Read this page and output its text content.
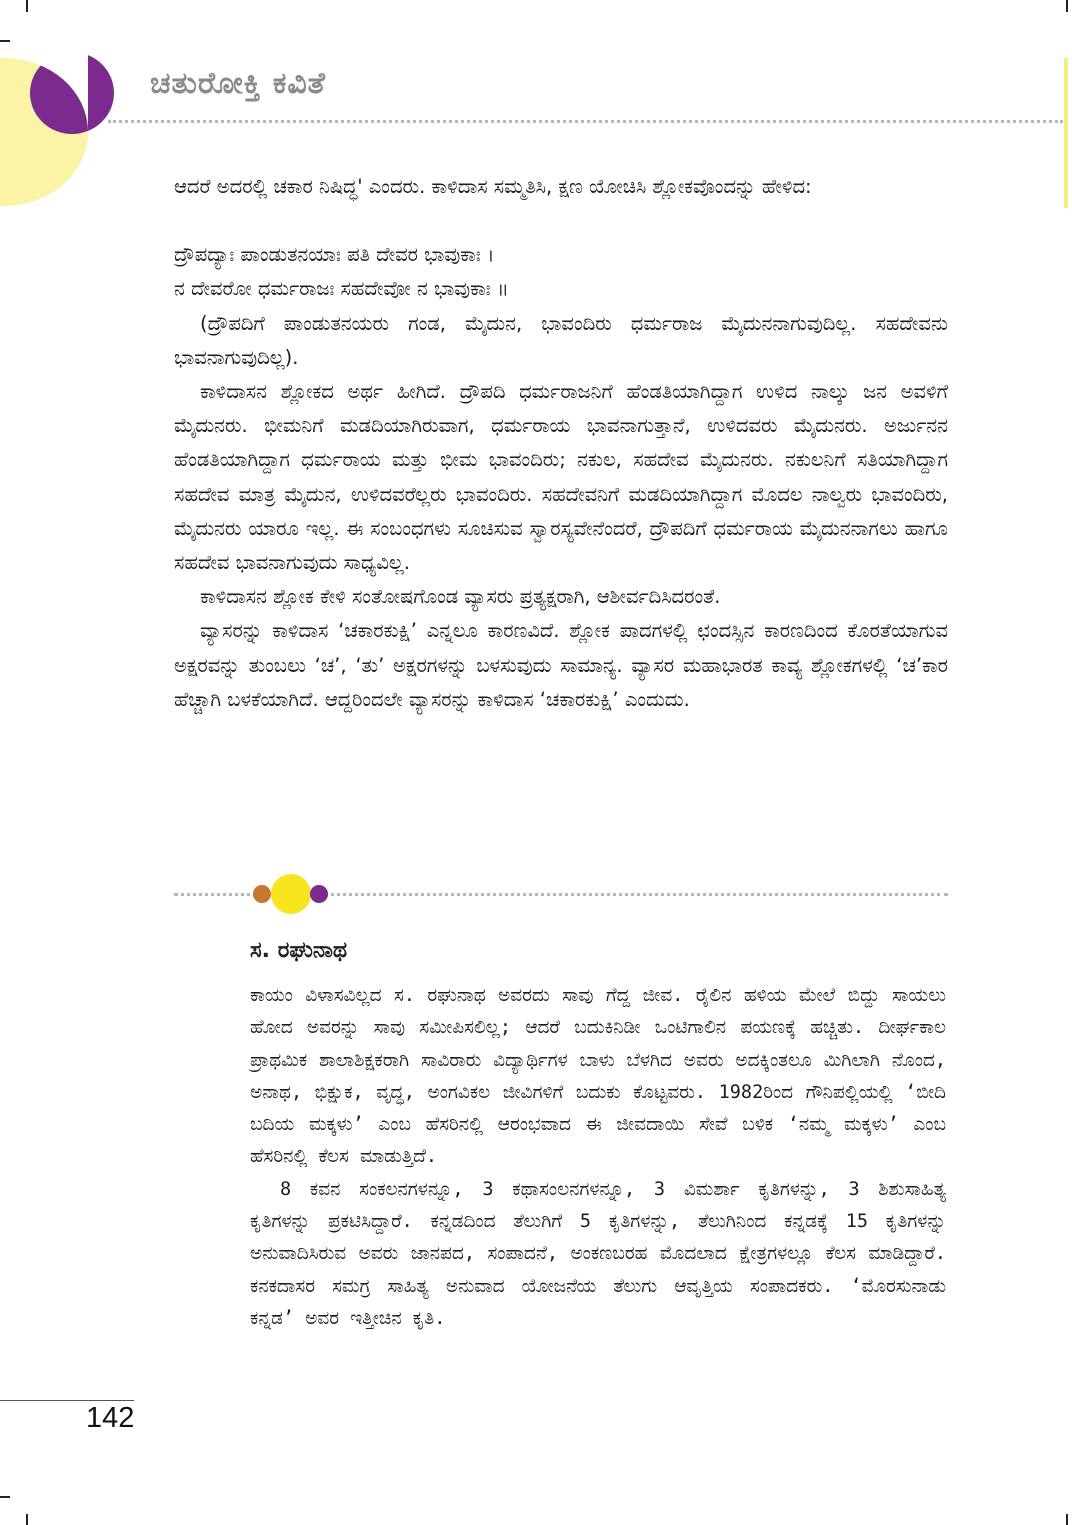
ಚತುರೋಕ್ತಿ ಕವಿತೆ

ಆದರೆ ಅದರಲ್ಲಿ ಚಕಾರ ನಿಷಿದ್ಧ' ಎಂದರು. ಕಾಳಿದಾಸ ಸಮ್ಮತಿಸಿ, ಕ್ಷಣ ಯೋಚಿಸಿ ಶ್ಲೋಕವೊಂದನ್ನು ಹೇಳಿದ:

ದ್ರೌಪದ್ಯಾಃ ಪಾಂಡುತನಯಾಃ ಪತಿ ದೇವರ ಭಾವುಕಾಃ ।

ನ ದೇವರೋ ಧರ್ಮರಾಜಃ ಸಹದೇವೋ ನ ಭಾವುಕಾಃ ॥

(ದ್ರೌಪದಿಗೆ ಪಾಂಡುತನಯರು ಗಂಡ, ಮೈದುನ, ಭಾವಂದಿರು ಧರ್ಮರಾಜ ಮೈದುನನಾಗುವುದಿಲ್ಲ. ಸಹದೇವನು ಭಾವನಾಗುವುದಿಲ್ಲ).

ಕಾಳಿದಾಸನ ಶ್ಲೋಕದ ಅರ್ಥ ಹೀಗಿದೆ. ದ್ರೌಪದಿ ಧರ್ಮರಾಜನಿಗೆ ಹೆಂಡತಿಯಾಗಿದ್ದಾಗ ಉಳಿದ ನಾಲ್ಕು ಜನ ಅವಳಿಗೆ ಮೈದುನರು. ಭೀಮನಿಗೆ ಮಡದಿಯಾಗಿರುವಾಗ, ಧರ್ಮರಾಯ ಭಾವನಾಗುತ್ತಾನೆ, ಉಳಿದವರು ಮೈದುನರು. ಅರ್ಜುನನ ಹೆಂಡತಿಯಾಗಿದ್ದಾಗ ಧರ್ಮರಾಯ ಮತ್ತು ಭೀಮ ಭಾವಂದಿರು; ನಕುಲ, ಸಹದೇವ ಮೈದುನರು. ನಕುಲನಿಗೆ ಸತಿಯಾಗಿದ್ದಾಗ ಸಹದೇವ ಮಾತ್ರ ಮೈದುನ, ಉಳಿದವರೆಲ್ಲರು ಭಾವಂದಿರು. ಸಹದೇವನಿಗೆ ಮಡದಿಯಾಗಿದ್ದಾಗ ಮೊದಲ ನಾಲ್ವರು ಭಾವಂದಿರು, ಮೈದುನರು ಯಾರೂ ಇಲ್ಲ. ಈ ಸಂಬಂಧಗಳು ಸೂಚಿಸುವ ಸ್ವಾರಸ್ಯವೇನೆಂದರೆ, ದ್ರೌಪದಿಗೆ ಧರ್ಮರಾಯ ಮೈದುನನಾಗಲು ಹಾಗೂ ಸಹದೇವ ಭಾವನಾಗುವುದು ಸಾಧ್ಯವಿಲ್ಲ.

ಕಾಳಿದಾಸನ ಶ್ಲೋಕ ಕೇಳಿ ಸಂತೋಷಗೊಂಡ ವ್ಯಾಸರು ಪ್ರತ್ಯಕ್ಷರಾಗಿ, ಆಶೀರ್ವದಿಸಿದರಂತೆ.

ವ್ಯಾಸರನ್ನು ಕಾಳಿದಾಸ ‘ಚಕಾರಕುಕ್ಷಿ’ ಎನ್ನಲೂ ಕಾರಣವಿದೆ. ಶ್ಲೋಕ ಪಾದಗಳಲ್ಲಿ ಛಂದಸ್ಸಿನ ಕಾರಣದಿಂದ ಕೊರತೆಯಾಗುವ ಅಕ್ಷರವನ್ನು ತುಂಬಲು ‘ಚ’, ‘ತು’ ಅಕ್ಷರಗಳನ್ನು ಬಳಸುವುದು ಸಾಮಾನ್ಯ. ವ್ಯಾಸರ ಮಹಾಭಾರತ ಕಾವ್ಯ ಶ್ಲೋಕಗಳಲ್ಲಿ ‘ಚ’ಕಾರ ಹೆಚ್ಚಾಗಿ ಬಳಕೆಯಾಗಿದೆ. ಆದ್ದರಿಂದಲೇ ವ್ಯಾಸರನ್ನು ಕಾಳಿದಾಸ ‘ಚಕಾರಕುಕ್ಷಿ’ ಎಂದುದು.

ಸ. ರಘುನಾಥ

ಕಾಯಂ ವಿಳಾಸವಿಲ್ಲದ ಸ. ರಘುನಾಥ ಅವರದು ಸಾವು ಗೆದ್ದ ಜೀವ. ರೈಲಿನ ಹಳಿಯ ಮೇಲೆ ಬಿದ್ದು ಸಾಯಲು ಹೋದ ಅವರನ್ನು ಸಾವು ಸಮೀಪಿಸಲಿಲ್ಲ; ಆದರೆ ಬದುಕಿನಿಡೀ ಒಂಟಿಗಾಲಿನ ಪಯಣಕ್ಕೆ ಹಚ್ಚಿತು. ದೀರ್ಘಕಾಲ ಪ್ರಾಥಮಿಕ ಶಾಲಾಶಿಕ್ಷಕರಾಗಿ ಸಾವಿರಾರು ವಿದ್ಯಾರ್ಥಿಗಳ ಬಾಳು ಬೆಳಗಿದ ಅವರು ಅದಕ್ಕಿಂತಲೂ ಮಿಗಿಲಾಗಿ ನೊಂದ, ಅನಾಥ, ಭಿಕ್ಷುಕ, ವೃದ್ಧ, ಅಂಗವಿಕಲ ಜೀವಿಗಳಿಗೆ ಬದುಕು ಕೊಟ್ಟವರು. 1982ರಿಂದ ಗೌನಿಪಲ್ಲಿಯಲ್ಲಿ ‘ಬೀದಿ ಬದಿಯ ಮಕ್ಕಳು’ ಎಂಬ ಹೆಸರಿನಲ್ಲಿ ಆರಂಭವಾದ ಈ ಜೀವದಾಯಿ ಸೇವೆ ಬಳಿಕ ‘ನಮ್ಮ ಮಕ್ಕಳು’ ಎಂಬ ಹೆಸರಿನಲ್ಲಿ ಕೆಲಸ ಮಾಡುತ್ತಿದೆ.

8 ಕವನ ಸಂಕಲನಗಳನ್ನೂ, 3 ಕಥಾಸಂಲನಗಳನ್ನೂ, 3 ವಿಮರ್ಶಾ ಕೃತಿಗಳನ್ನು, 3 ಶಿಶುಸಾಹಿತ್ಯ ಕೃತಿಗಳನ್ನು ಪ್ರಕಟಿಸಿದ್ದಾರೆ. ಕನ್ನಡದಿಂದ ತೆಲುಗಿಗೆ 5 ಕೃತಿಗಳನ್ನು, ತೆಲುಗಿನಿಂದ ಕನ್ನಡಕ್ಕೆ 15 ಕೃತಿಗಳನ್ನು ಅನುವಾದಿಸಿರುವ ಅವರು ಜಾನಪದ, ಸಂಪಾದನೆ, ಅಂಕಣಬರಹ ಮೊದಲಾದ ಕ್ಷೇತ್ರಗಳಲ್ಲೂ ಕೆಲಸ ಮಾಡಿದ್ದಾರೆ. ಕನಕದಾಸರ ಸಮಗ್ರ ಸಾಹಿತ್ಯ ಅನುವಾದ ಯೋಜನೆಯ ತೆಲುಗು ಆವೃತ್ತಿಯ ಸಂಪಾದಕರು. ‘ಮೊರಸುನಾಡು ಕನ್ನಡ’ ಅವರ ಇತ್ತೀಚಿನ ಕೃತಿ.

142
